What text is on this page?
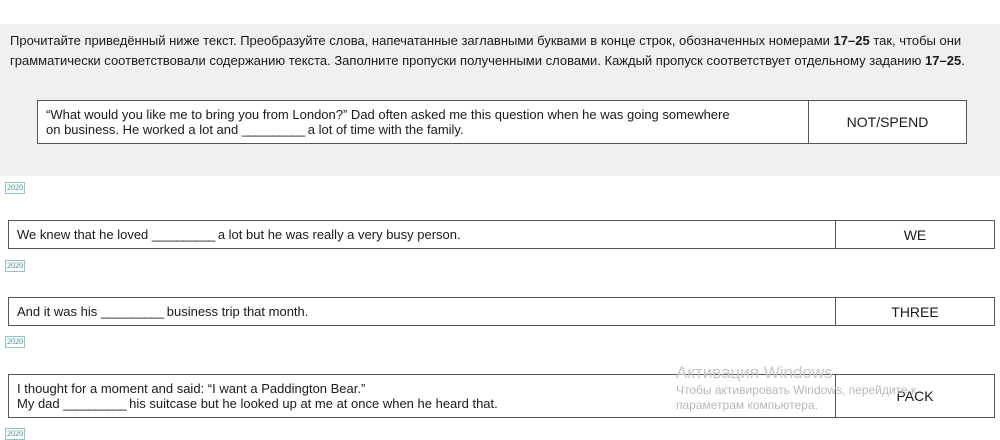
Прочитайте приведённый ниже текст. Преобразуйте слова, напечатанные заглавными буквами в конце строк, обозначенных номерами 17–25 так, чтобы они грамматически соответствовали содержанию текста. Заполните пропуски полученными словами. Каждый пропуск соответствует отдельному заданию 17–25.
“What would you like me to bring you from London?” Dad often asked me this question when he was going somewhere
on business. He worked a lot and __________ a lot of time with the family.	NOT/SPEND
2020
We knew that he loved __________ a lot but he was really a very busy person.	WE
2020
And it was his __________ business trip that month.	THREE
2020
I thought for a moment and said: “I want a Paddington Bear.”
My dad __________ his suitcase but he looked up at me at once when he heard that.	PACK
2020
Активация Windows
Чтобы активировать Windows, перейдите к
параметрам компьютера.
